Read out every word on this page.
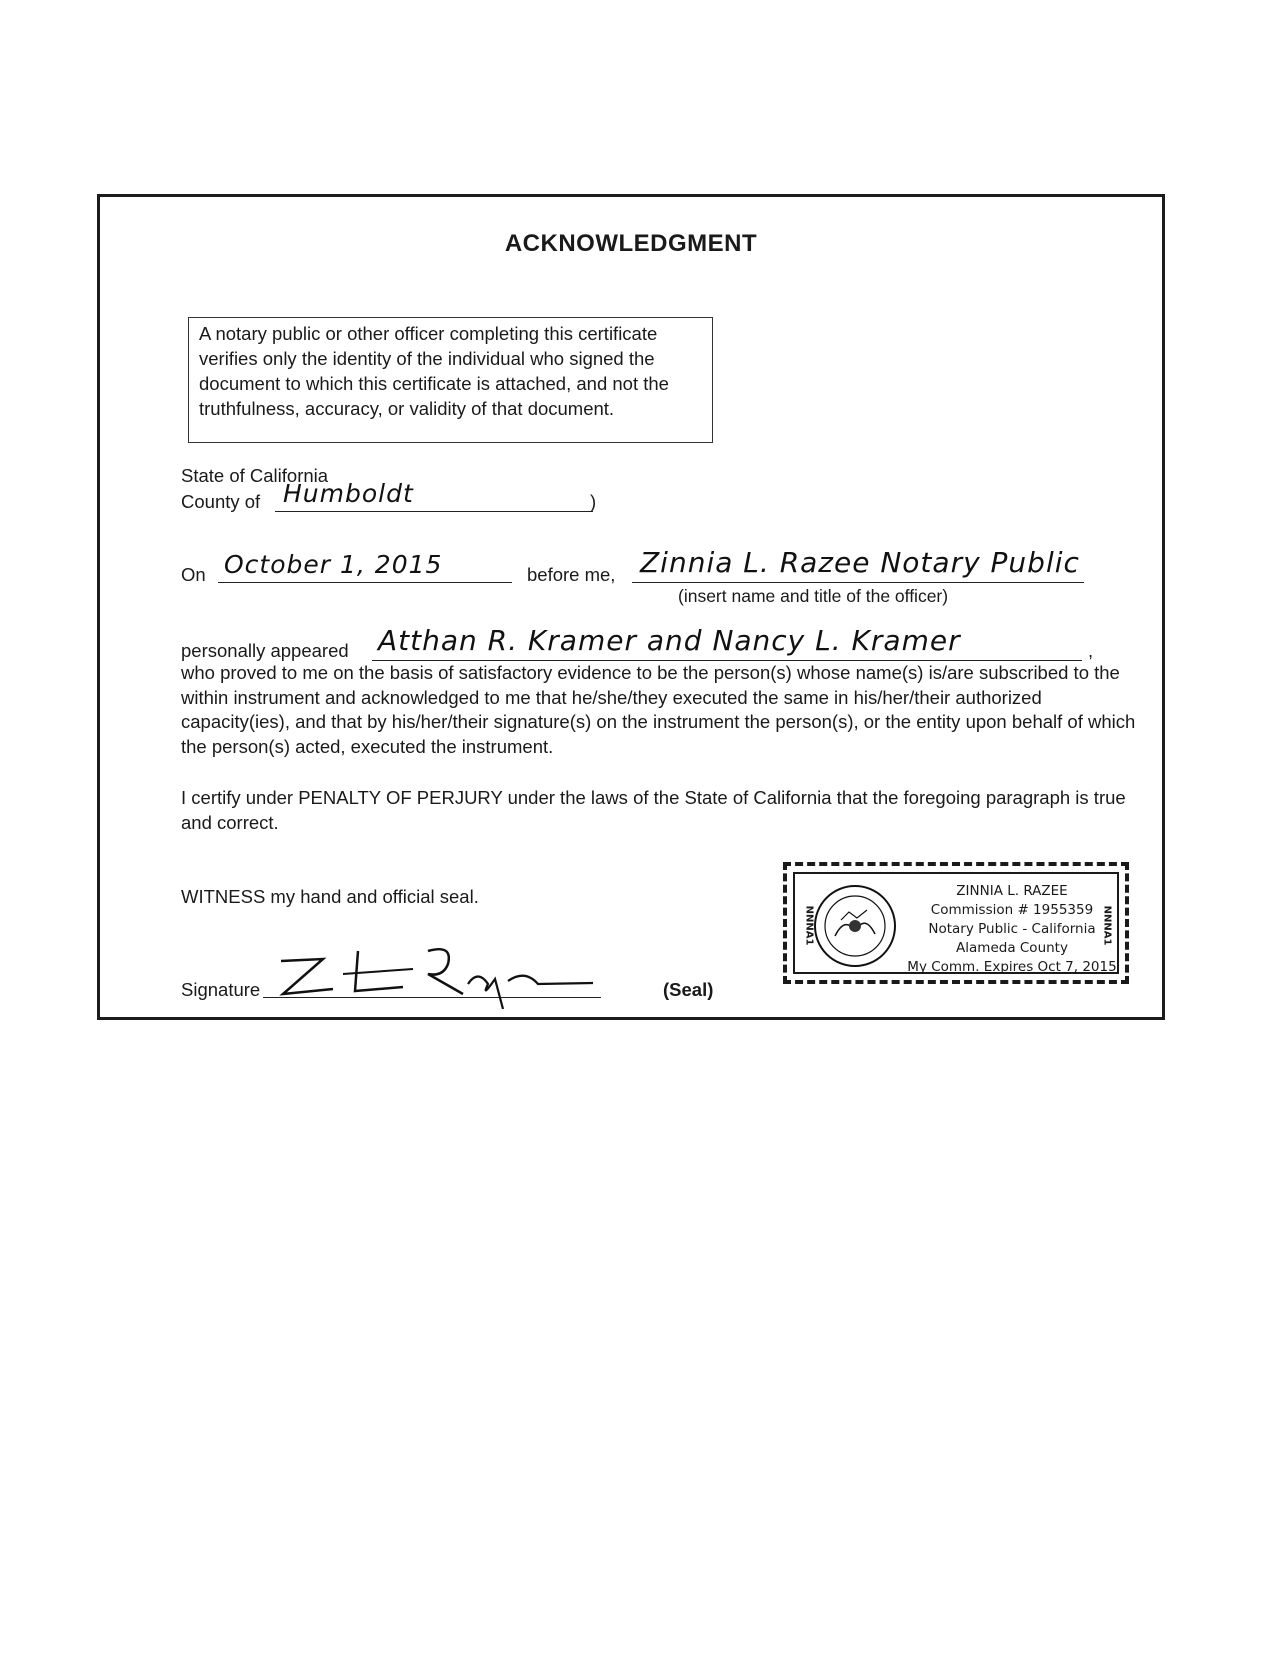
ACKNOWLEDGMENT
A notary public or other officer completing this certificate verifies only the identity of the individual who signed the document to which this certificate is attached, and not the truthfulness, accuracy, or validity of that document.
State of California
County of Humboldt	)
On October 1, 2015	before me, Zinnia L. Razee Notary Public
(insert name and title of the officer)
personally appeared Atthan R. Kramer and Nancy L. Kramer	,
who proved to me on the basis of satisfactory evidence to be the person(s) whose name(s) is/are subscribed to the within instrument and acknowledged to me that he/she/they executed the same in his/her/their authorized capacity(ies), and that by his/her/their signature(s) on the instrument the person(s), or the entity upon behalf of which the person(s) acted, executed the instrument.
I certify under PENALTY OF PERJURY under the laws of the State of California that the foregoing paragraph is true and correct.
WITNESS my hand and official seal.
Signature	(Seal)
ZINNIA L. RAZEE
Commission # 1955359
Notary Public - California
Alameda County
My Comm. Expires Oct 7, 2015
NNNA1	NNNA1
